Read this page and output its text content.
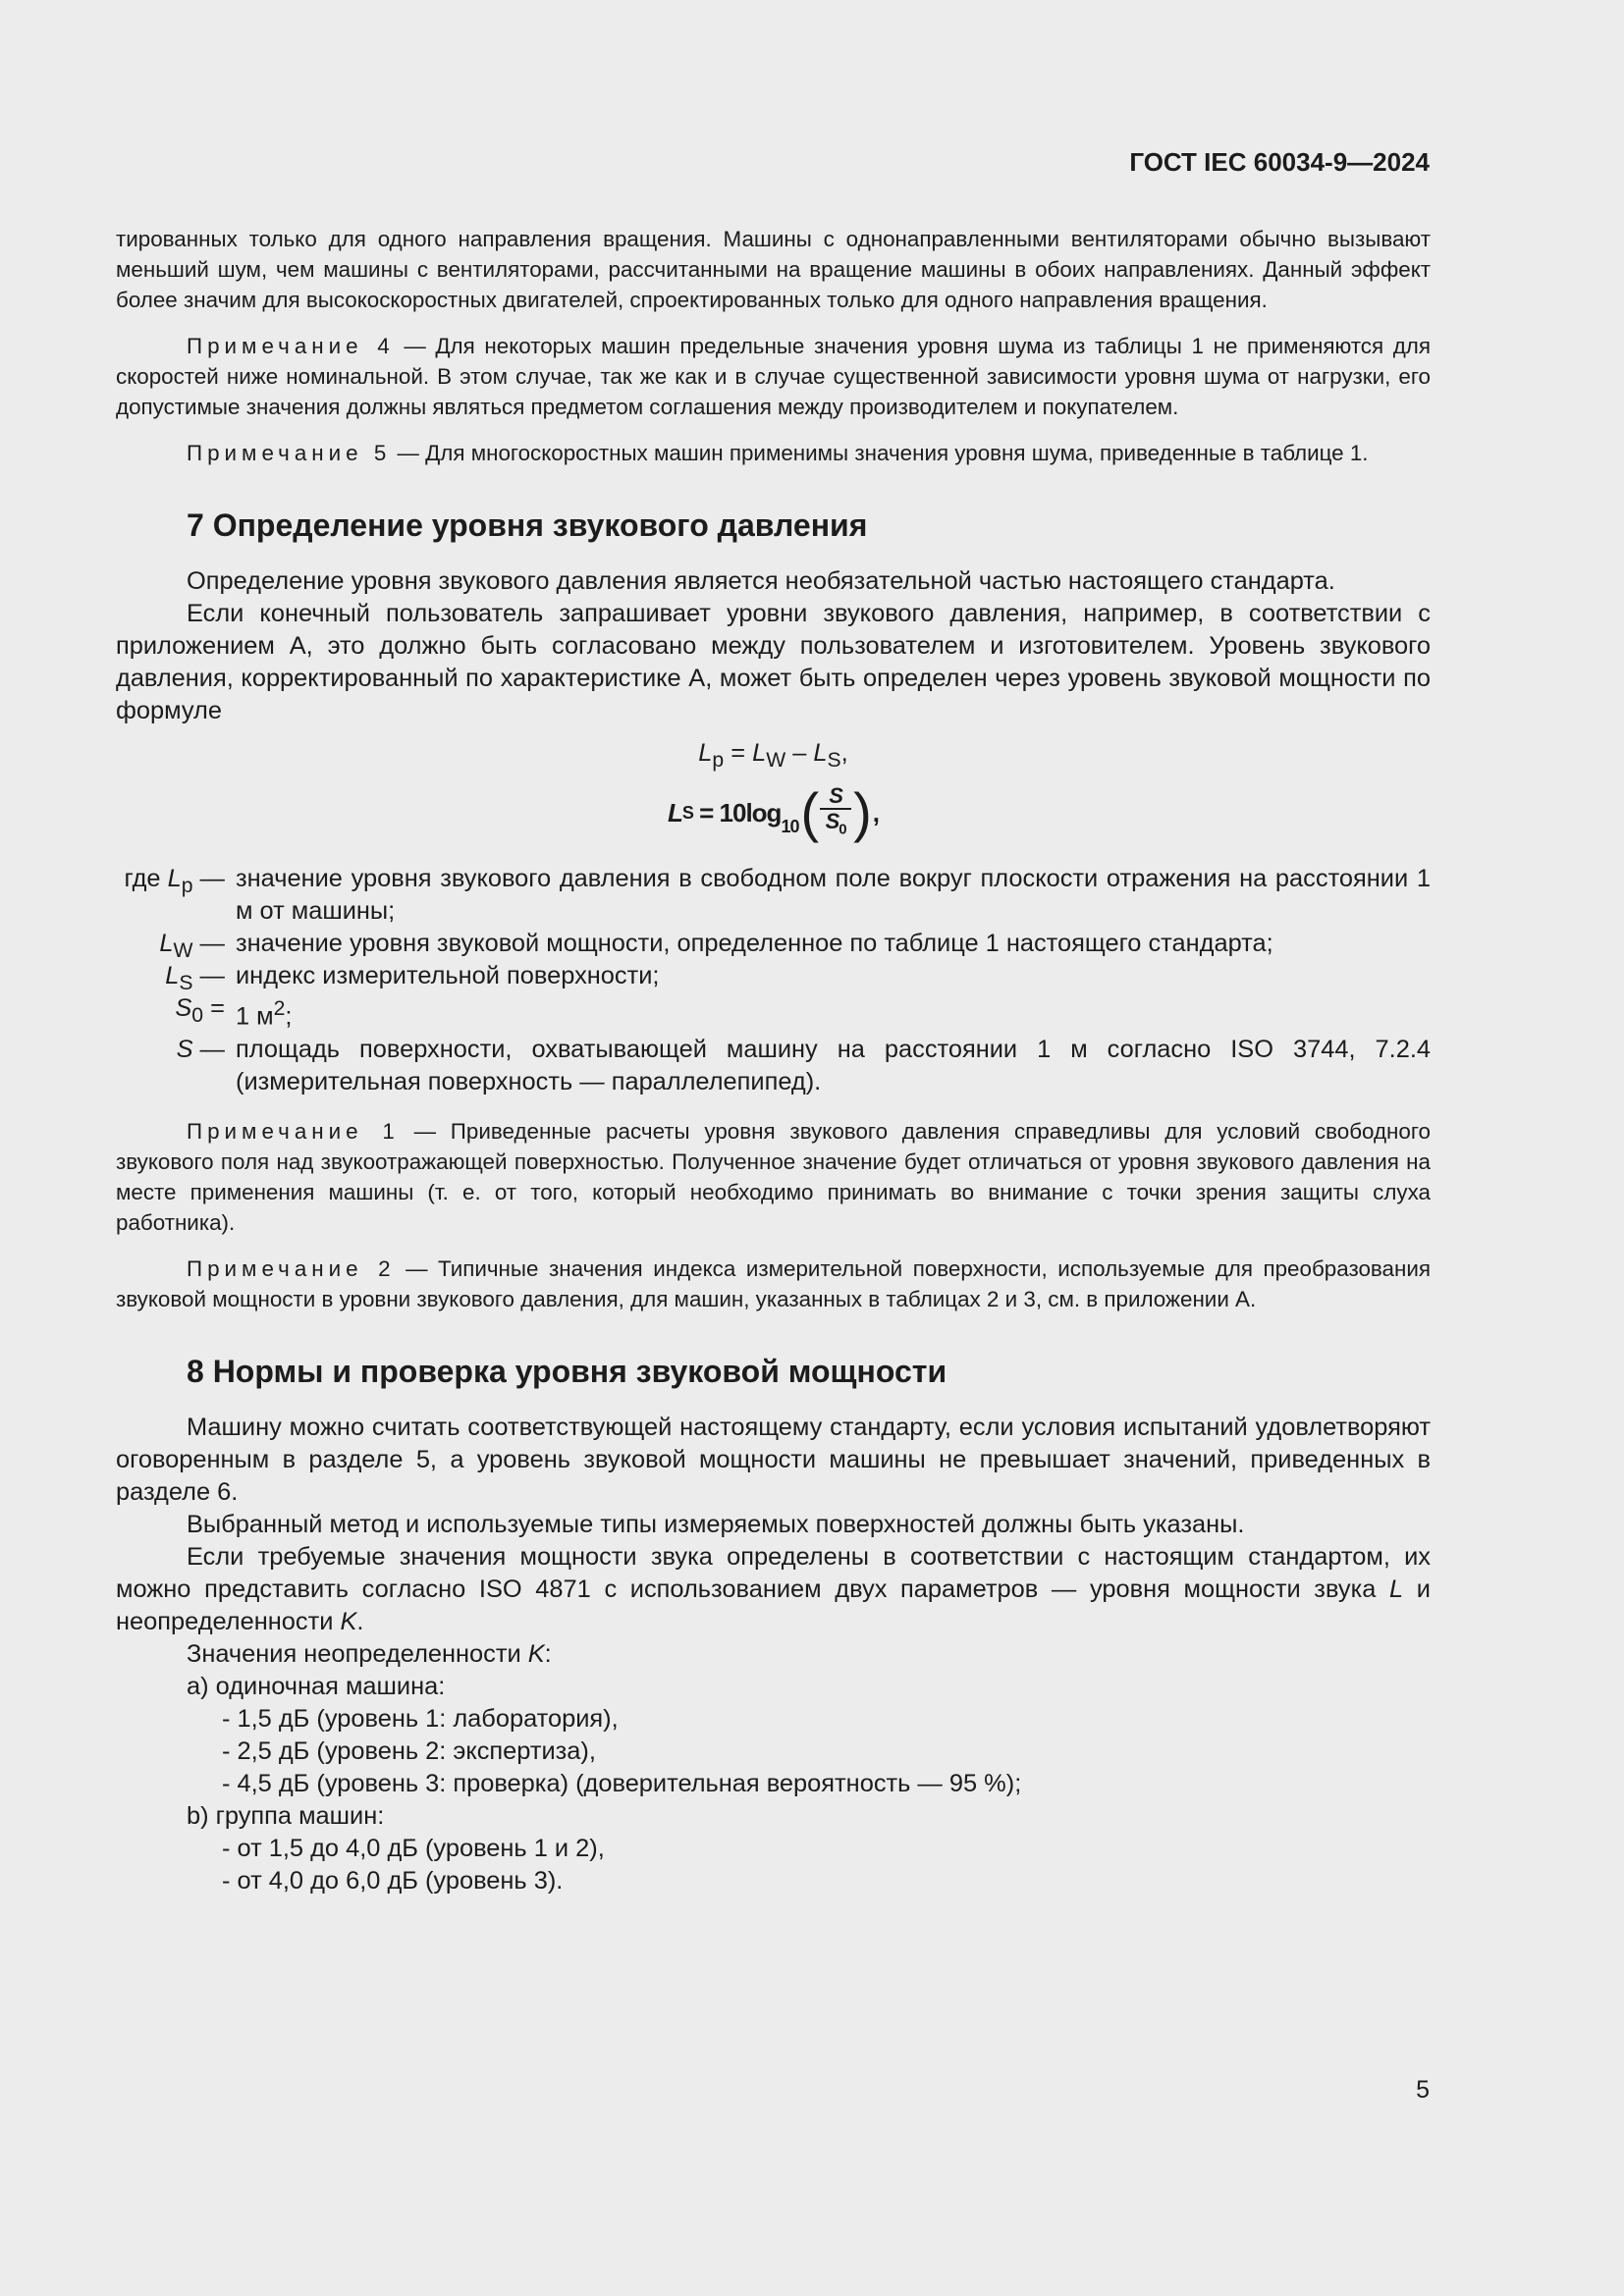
ГОСТ IEC 60034-9—2024

тированных только для одного направления вращения. Машины с однонаправленными вентиляторами обычно вызывают меньший шум, чем машины с вентиляторами, рассчитанными на вращение машины в обоих направлениях. Данный эффект более значим для высокоскоростных двигателей, спроектированных только для одного направления вращения.

Примечание 4 — Для некоторых машин предельные значения уровня шума из таблицы 1 не применяются для скоростей ниже номинальной. В этом случае, так же как и в случае существенной зависимости уровня шума от нагрузки, его допустимые значения должны являться предметом соглашения между производителем и покупателем.

Примечание 5 — Для многоскоростных машин применимы значения уровня шума, приведенные в таблице 1.

7 Определение уровня звукового давления

Определение уровня звукового давления является необязательной частью настоящего стандарта.

Если конечный пользователь запрашивает уровни звукового давления, например, в соответствии с приложением А, это должно быть согласовано между пользователем и изготовителем. Уровень звукового давления, корректированный по характеристике А, может быть определен через уровень звуковой мощности по формуле

$L_p = L_W - L_S$,
L $S = 10\log_{10}$ ( S
$S_0$ ) ,
где $L_p$ — значение уровня звукового давления в свободном поле вокруг плоскости отражения на расстоянии 1 м от машины;
$L_W$ — значение уровня звуковой мощности, определенное по таблице 1 настоящего стандарта;
$L_S$ — индекс измерительной поверхности;
$S_0 = 1$ $м^2$;
S — площадь поверхности, охватывающей машину на расстоянии 1 м согласно ISO 3744, 7.2.4 (измерительная поверхность — параллелепипед).

Примечание 1 — Приведенные расчеты уровня звукового давления справедливы для условий свободного звукового поля над звукоотражающей поверхностью. Полученное значение будет отличаться от уровня звукового давления на месте применения машины (т. е. от того, который необходимо принимать во внимание с точки зрения защиты слуха работника).

Примечание 2 — Типичные значения индекса измерительной поверхности, используемые для преобразования звуковой мощности в уровни звукового давления, для машин, указанных в таблицах 2 и 3, см. в приложении А.

8 Нормы и проверка уровня звуковой мощности

Машину можно считать соответствующей настоящему стандарту, если условия испытаний удовлетворяют оговоренным в разделе 5, а уровень звуковой мощности машины не превышает значений, приведенных в разделе 6.

Выбранный метод и используемые типы измеряемых поверхностей должны быть указаны.

Если требуемые значения мощности звука определены в соответствии с настоящим стандартом, их можно представить согласно ISO 4871 с использованием двух параметров — уровня мощности звука L и неопределенности K.

Значения неопределенности K:

a) одиночная машина:
- 1,5 дБ (уровень 1: лаборатория),
- 2,5 дБ (уровень 2: экспертиза),
- 4,5 дБ (уровень 3: проверка) (доверительная вероятность — 95 %);
b) группа машин:
- от 1,5 до 4,0 дБ (уровень 1 и 2),
- от 4,0 до 6,0 дБ (уровень 3).
5
